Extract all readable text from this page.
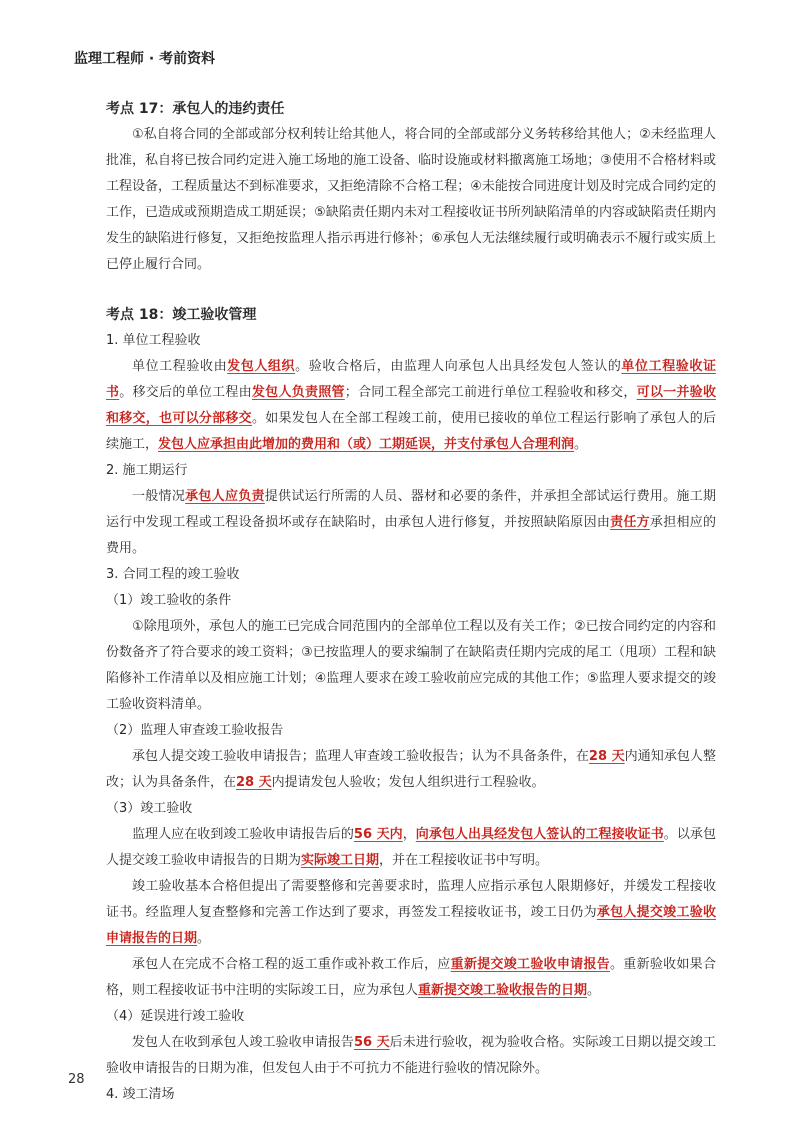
监理工程师 · 考前资料
考点 17：承包人的违约责任

①私自将合同的全部或部分权利转让给其他人，将合同的全部或部分义务转移给其他人；②未经监理人批准，私自将已按合同约定进入施工场地的施工设备、临时设施或材料撤离施工场地；③使用不合格材料或工程设备，工程质量达不到标准要求，又拒绝清除不合格工程；④未能按合同进度计划及时完成合同约定的工作，已造成或预期造成工期延误；⑤缺陷责任期内未对工程接收证书所列缺陷清单的内容或缺陷责任期内发生的缺陷进行修复，又拒绝按监理人指示再进行修补；⑥承包人无法继续履行或明确表示不履行或实质上已停止履行合同。

考点 18：竣工验收管理

1. 单位工程验收

单位工程验收由发包人组织。验收合格后，由监理人向承包人出具经发包人签认的单位工程验收证书。移交后的单位工程由发包人负责照管；合同工程全部完工前进行单位工程验收和移交，可以一并验收和移交，也可以分部移交。如果发包人在全部工程竣工前，使用已接收的单位工程运行影响了承包人的后续施工，发包人应承担由此增加的费用和（或）工期延误，并支付承包人合理利润。

2. 施工期运行

一般情况承包人应负责提供试运行所需的人员、器材和必要的条件，并承担全部试运行费用。施工期运行中发现工程或工程设备损坏或存在缺陷时，由承包人进行修复，并按照缺陷原因由责任方承担相应的费用。

3. 合同工程的竣工验收

（1）竣工验收的条件

①除甩项外，承包人的施工已完成合同范围内的全部单位工程以及有关工作；②已按合同约定的内容和份数备齐了符合要求的竣工资料；③已按监理人的要求编制了在缺陷责任期内完成的尾工（甩项）工程和缺陷修补工作清单以及相应施工计划；④监理人要求在竣工验收前应完成的其他工作；⑤监理人要求提交的竣工验收资料清单。

（2）监理人审查竣工验收报告

承包人提交竣工验收申请报告；监理人审查竣工验收报告；认为不具备条件，在28 天内通知承包人整改；认为具备条件，在28 天内提请发包人验收；发包人组织进行工程验收。

（3）竣工验收

监理人应在收到竣工验收申请报告后的56 天内，向承包人出具经发包人签认的工程接收证书。以承包人提交竣工验收申请报告的日期为实际竣工日期，并在工程接收证书中写明。

竣工验收基本合格但提出了需要整修和完善要求时，监理人应指示承包人限期修好，并缓发工程接收证书。经监理人复查整修和完善工作达到了要求，再签发工程接收证书，竣工日仍为承包人提交竣工验收申请报告的日期。

承包人在完成不合格工程的返工重作或补救工作后，应重新提交竣工验收申请报告。重新验收如果合格，则工程接收证书中注明的实际竣工日，应为承包人重新提交竣工验收报告的日期。

（4）延误进行竣工验收

发包人在收到承包人竣工验收申请报告56 天后未进行验收，视为验收合格。实际竣工日期以提交竣工验收申请报告的日期为准，但发包人由于不可抗力不能进行验收的情况除外。

4. 竣工清场

28
